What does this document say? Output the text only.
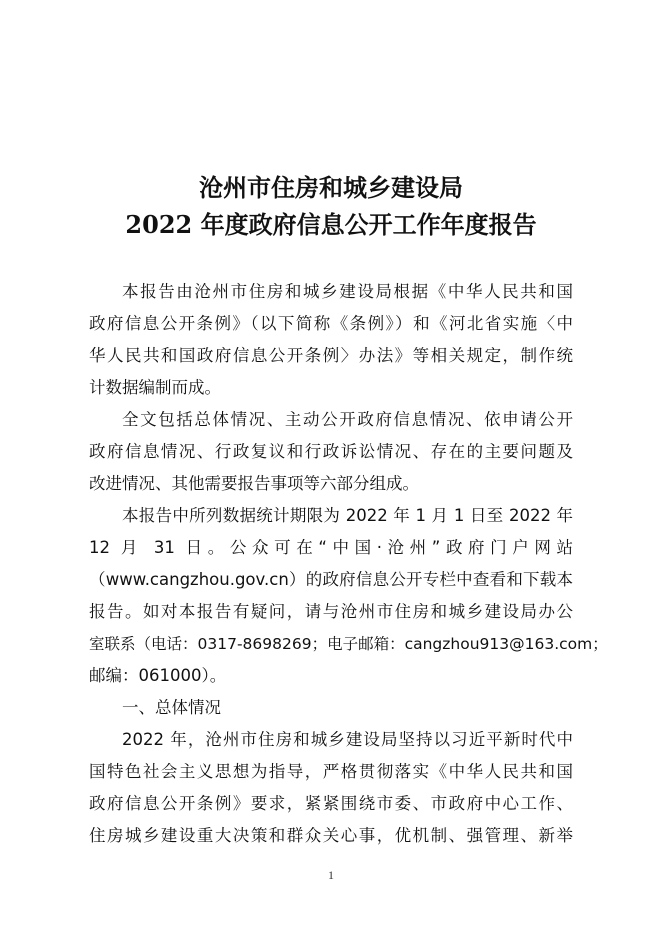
沧州市住房和城乡建设局
2022 年度政府信息公开工作年度报告
本报告由沧州市住房和城乡建设局根据《中华人民共和国
政府信息公开条例》（以下简称《条例》）和《河北省实施〈中
华人民共和国政府信息公开条例〉办法》等相关规定，制作统
计数据编制而成。
全文包括总体情况、主动公开政府信息情况、依申请公开
政府信息情况、行政复议和行政诉讼情况、存在的主要问题及
改进情况、其他需要报告事项等六部分组成。
本报告中所列数据统计期限为 2022 年 1 月 1 日至 2022 年
12 月 31 日。公众可在“中国·沧州”政府门户网站
（www.cangzhou.gov.cn）的政府信息公开专栏中查看和下载本
报告。如对本报告有疑问，请与沧州市住房和城乡建设局办公
室联系（电话：0317-8698269；电子邮箱：cangzhou913@163.com；
邮编：061000）。
一、总体情况
2022 年，沧州市住房和城乡建设局坚持以习近平新时代中
国特色社会主义思想为指导，严格贯彻落实《中华人民共和国
政府信息公开条例》要求，紧紧围绕市委、市政府中心工作、
住房城乡建设重大决策和群众关心事，优机制、强管理、新举
1
